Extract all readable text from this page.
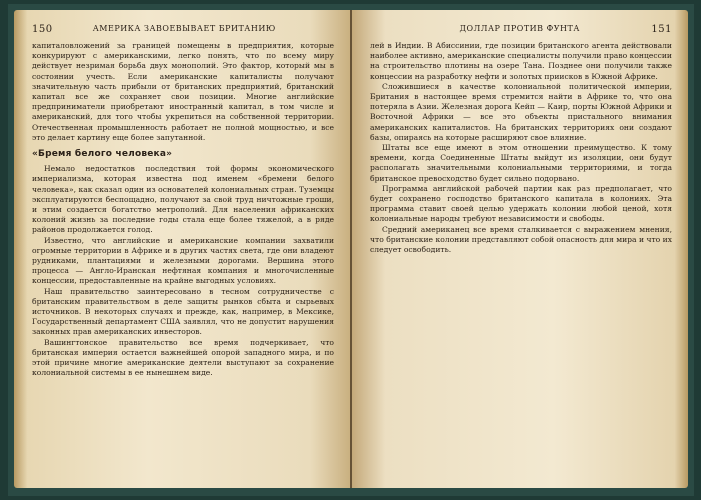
150	АМЕРИКА ЗАВОЕВЫВАЕТ БРИТАНИЮ

капиталовложений за границей помещены в предприятия, которые конкурируют с американскими, легко понять, что по всему миру действует незримая борьба двух монополий. Это фактор, который мы в состоянии учесть. Если американские капиталисты получают значительную часть прибыли от британских предприятий, британский капитал все же сохраняет свои позиции. Многие английские предприниматели приобретают иностранный капитал, в том числе и американский, для того чтобы укрепиться на собственной территории. Отечественная промышленность работает не полной мощностью, и все это делает картину еще более запутанной.

«Бремя белого человека»

Немало недостатков последствия той формы экономического империализма, которая известна под именем «бремени белого человека», как сказал один из основателей колониальных стран. Туземцы эксплуатируются беспощадно, получают за свой труд ничтожные гроши, и этим создается богатство метрополий. Для населения африканских колоний жизнь за последние годы стала еще более тяжелой, а в ряде районов продолжается голод.

Известно, что английские и американские компании захватили огромные территории в Африке и в других частях света, где они владеют рудниками, плантациями и железными дорогами. Вершина этого процесса — Англо-Иранская нефтяная компания и многочисленные концессии, предоставленные на крайне выгодных условиях.

Наш правительство заинтересовано в тесном сотрудничестве с британским правительством в деле защиты рынков сбыта и сырьевых источников. В некоторых случаях и прежде, как, например, в Мексике, Государственный департамент США заявлял, что не допустит нарушения законных прав американских инвесторов.

Вашингтонское правительство все время подчеркивает, что британская империя остается важнейшей опорой западного мира, и по этой причине многие американские деятели выступают за сохранение колониальной системы в ее нынешнем виде.

ДОЛЛАР ПРОТИВ ФУНТА	151

лей в Индии. В Абиссинии, где позиции британского агента действовали наиболее активно, американские специалисты получили право концессии на строительство плотины на озере Тана. Позднее они получили также концессии на разработку нефти и золотых приисков в Южной Африке.

Сложившиеся в качестве колониальной политической империи, Британия в настоящее время стремится найти в Африке то, что она потеряла в Азии. Железная дорога Кейп — Каир, порты Южной Африки и Восточной Африки — все это объекты пристального внимания американских капиталистов. На британских территориях они создают базы, опираясь на которые расширяют свое влияние.

Штаты все еще имеют в этом отношении преимущество. К тому времени, когда Соединенные Штаты выйдут из изоляции, они будут располагать значительными колониальными территориями, и тогда британское превосходство будет сильно подорвано.

Программа английской рабочей партии как раз предполагает, что будет сохранено господство британского капитала в колониях. Эта программа ставит своей целью удержать колонии любой ценой, хотя колониальные народы требуют независимости и свободы.

Средний американец все время сталкивается с выражением мнения, что британские колонии представляют собой опасность для мира и что их следует освободить.
